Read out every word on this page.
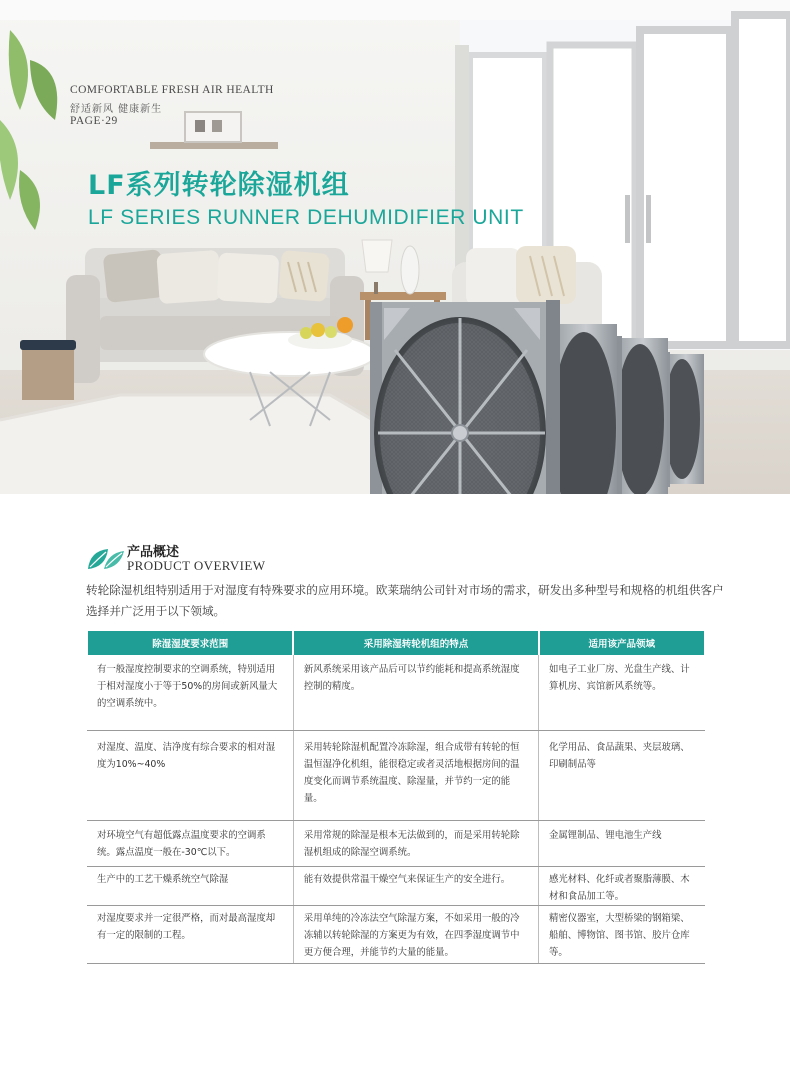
COMFORTABLE FRESH AIR HEALTH
舒适新风 健康新生
PAGE·29
LF系列转轮除湿机组
LF SERIES RUNNER DEHUMIDIFIER UNIT
产品概述
PRODUCT OVERVIEW

转轮除湿机组特别适用于对湿度有特殊要求的应用环境。欧莱瑞纳公司针对市场的需求，研发出多种型号和规格的机组供客户选择并广泛用于以下领域。

除湿湿度要求范围	采用除湿转轮机组的特点	适用该产品领域
有一般湿度控制要求的空调系统，特别适用于相对湿度小于等于50%的房间或新风量大的空调系统中。	新风系统采用该产品后可以节约能耗和提高系统湿度控制的精度。	如电子工业厂房、光盘生产线、计算机房、宾馆新风系统等。
对湿度、温度、洁净度有综合要求的相对湿度为10%~40%	采用转轮除湿机配置冷冻除湿，组合成带有转轮的恒温恒湿净化机组，能很稳定或者灵活地根据房间的温度变化而调节系统温度、除湿量，并节约一定的能量。	化学用品、食品蔬果、夹层玻璃、印刷制品等
对环境空气有超低露点温度要求的空调系统。露点温度一般在-30℃以下。	采用常规的除湿是根本无法做到的，而是采用转轮除湿机组成的除湿空调系统。	金属锂制品、锂电池生产线
生产中的工艺干燥系统空气除湿	能有效提供常温干燥空气来保证生产的安全进行。	感光材料、化纤或者聚脂薄膜、木材和食品加工等。
对湿度要求并一定很严格，而对最高湿度却有一定的限制的工程。	采用单纯的冷冻法空气除湿方案，不如采用一般的冷冻辅以转轮除湿的方案更为有效，在四季湿度调节中更方便合理，并能节约大量的能量。	精密仪器室，大型桥梁的钢箱梁、船舶、博物馆、图书馆、胶片仓库等。
